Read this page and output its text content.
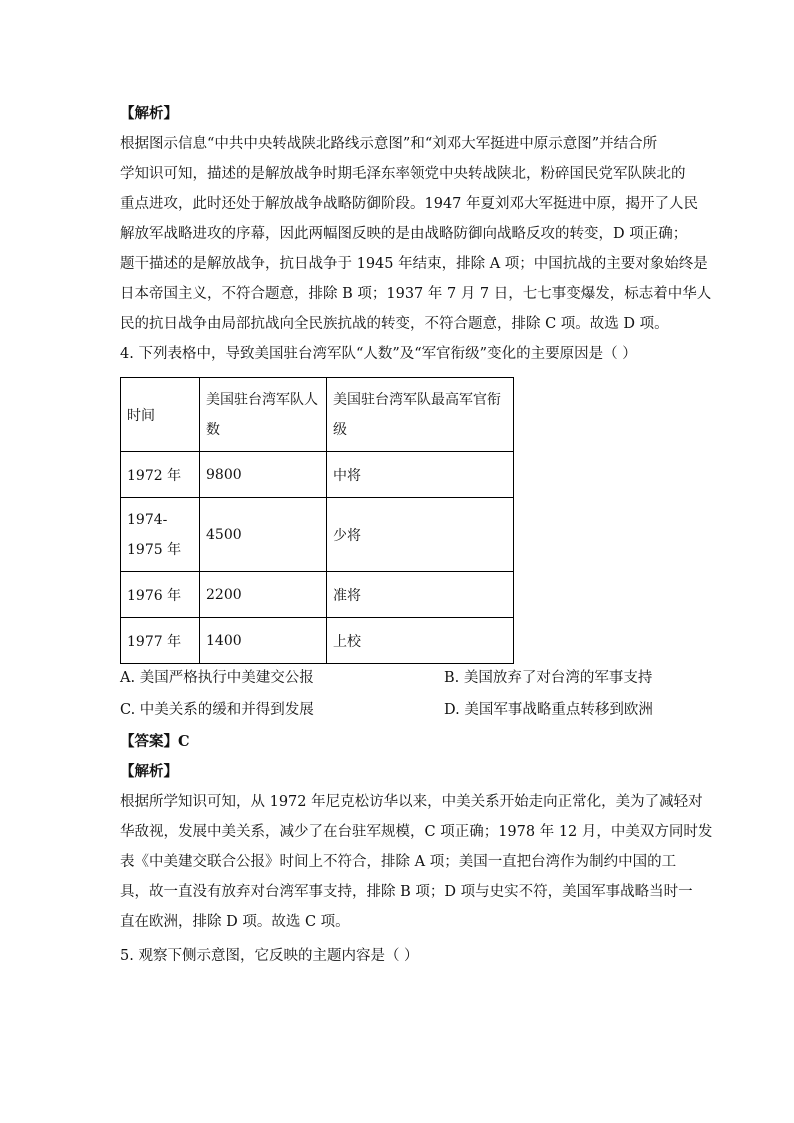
【解析】
根据图示信息“中共中央转战陕北路线示意图”和“刘邓大军挺进中原示意图”并结合所
学知识可知，描述的是解放战争时期毛泽东率领党中央转战陕北，粉碎国民党军队陕北的
重点进攻，此时还处于解放战争战略防御阶段。1947 年夏刘邓大军挺进中原，揭开了人民
解放军战略进攻的序幕，因此两幅图反映的是由战略防御向战略反攻的转变，D 项正确；
题干描述的是解放战争，抗日战争于 1945 年结束，排除 A 项；中国抗战的主要对象始终是
日本帝国主义，不符合题意，排除 B 项；1937 年 7 月 7 日，七七事变爆发，标志着中华人
民的抗日战争由局部抗战向全民族抗战的转变，不符合题意，排除 C 项。故选 D 项。
4. 下列表格中，导致美国驻台湾军队“人数”及“军官衔级”变化的主要原因是（ ）
时间	美国驻台湾军队人数	美国驻台湾军队最高军官衔级
1972 年	9800	中将
1974-1975 年	4500	少将
1976 年	2200	准将
1977 年	1400	上校
A. 美国严格执行中美建交公报	B. 美国放弃了对台湾的军事支持
C. 中美关系的缓和并得到发展	D. 美国军事战略重点转移到欧洲
【答案】C
【解析】
根据所学知识可知，从 1972 年尼克松访华以来，中美关系开始走向正常化，美为了减轻对
华敌视，发展中美关系，减少了在台驻军规模，C 项正确；1978 年 12 月，中美双方同时发
表《中美建交联合公报》时间上不符合，排除 A 项；美国一直把台湾作为制约中国的工
具，故一直没有放弃对台湾军事支持，排除 B 项；D 项与史实不符，美国军事战略当时一
直在欧洲，排除 D 项。故选 C 项。
5. 观察下侧示意图，它反映的主题内容是（ ）
